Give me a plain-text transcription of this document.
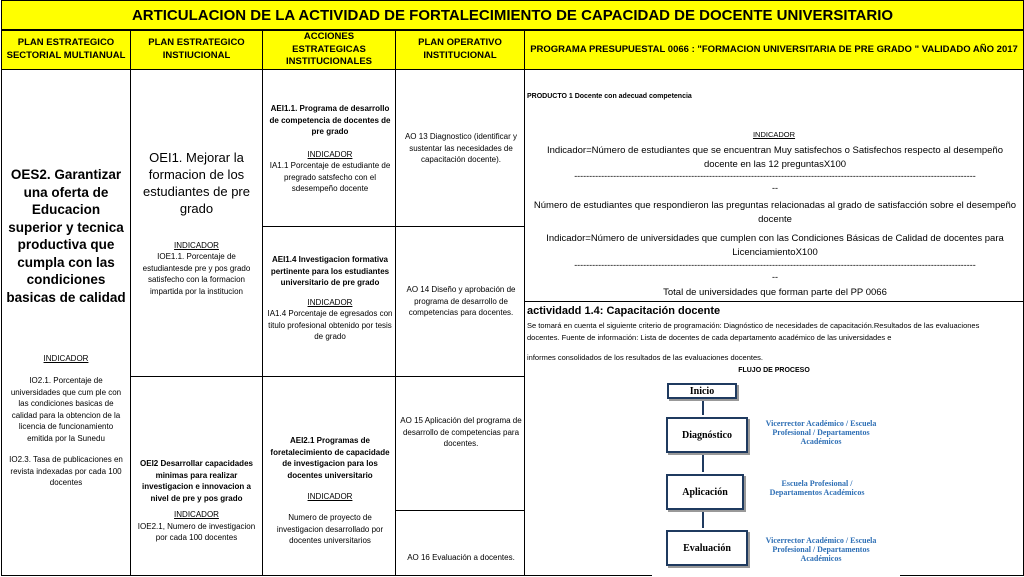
ARTICULACION DE LA ACTIVIDAD DE FORTALECIMIENTO DE CAPACIDAD DE DOCENTE UNIVERSITARIO
PLAN ESTRATEGICO SECTORIAL MULTIANUAL
PLAN ESTRATEGICO INSTIUCIONAL
ACCIONES ESTRATEGICAS INSTITUCIONALES
PLAN OPERATIVO INSTITUCIONAL
PROGRAMA PRESUPUESTAL 0066 : "FORMACION UNIVERSITARIA DE PRE GRADO " VALIDADO AÑO 2017
OES2. Garantizar una oferta de Educacion superior y tecnica productiva que cumpla con las condiciones basicas de calidad
INDICADOR
IO2.1. Porcentaje de universidades que cum ple con las condiciones basicas de calidad para la obtencion de la licencia de funcionamiento emitida por la Sunedu
IO2.3. Tasa de publicaciones en revista indexadas por cada 100 docentes
OEI1. Mejorar la formacion de los estudiantes de pre grado
INDICADOR
IOE1.1. Porcentaje de estudiantesde pre y pos grado satisfecho con la formacion impartida por la institucion
OEI2 Desarrollar capacidades minimas para realizar investigacion e innovacion a nivel de pre y pos grado
INDICADOR
IOE2.1, Numero de investigacion por cada 100 docentes
AEI1.1. Programa de desarrollo de competencia de docentes de pre grado
INDICADOR
IA1.1 Porcentaje de estudiante de pregrado satsfecho con el sdesempeño docente
AEI1.4 Investigacion formativa pertinente para los estudiantes universitario de pre grado
INDICADOR
IA1.4 Porcentaje de egresados con titulo profesional obtenido por tesis de grado
AEI2.1 Programas de foretalecimiento de capacidade de investigacion para los docentes universitario
INDICADOR
Numero de proyecto de investigacion desarrollado por docentes universitarios
AO 13 Diagnostico (identificar y sustentar las necesidades de capacitación docente).
AO 14 Diseño y aprobación de programa de desarrollo de competencias para docentes.
AO 15 Aplicación del programa de desarrollo de competencias para docentes.
AO 16 Evaluación a docentes.
PRODUCTO 1 Docente con adecuad competencia
INDICADOR
Indicador=Número de estudiantes que se encuentran Muy satisfechos o Satisfechos respecto al desempeño docente en las 12 preguntasX100
--------------------------------------------------------------------------------------------------------------------------------------
--
Número de estudiantes que respondieron las preguntas relacionadas al grado de satisfacción sobre el desempeño docente
Indicador=Número de universidades que cumplen con las Condiciones Básicas de Calidad de docentes para LicenciamientoX100
--------------------------------------------------------------------------------------------------------------------------------------
--
Total de universidades que forman parte del PP 0066
actividadd 1.4: Capacitación docente
Se tomará en cuenta el siguiente criterio de programación: Diagnóstico de necesidades de capacitación.Resultados de las evaluaciones docentes. Fuente de información: Lista de docentes de cada departamento académico de las universidades e
informes consolidados de los resultados de las evaluaciones docentes.
FLUJO DE PROCESO
Inicio
Diagnóstico
Aplicación
Evaluación
Vicerrector Académico / Escuela Profesional / Departamentos Académicos
Escuela Profesional / Departamentos Académicos
Vicerrector Académico / Escuela Profesional / Departamentos Académicos
